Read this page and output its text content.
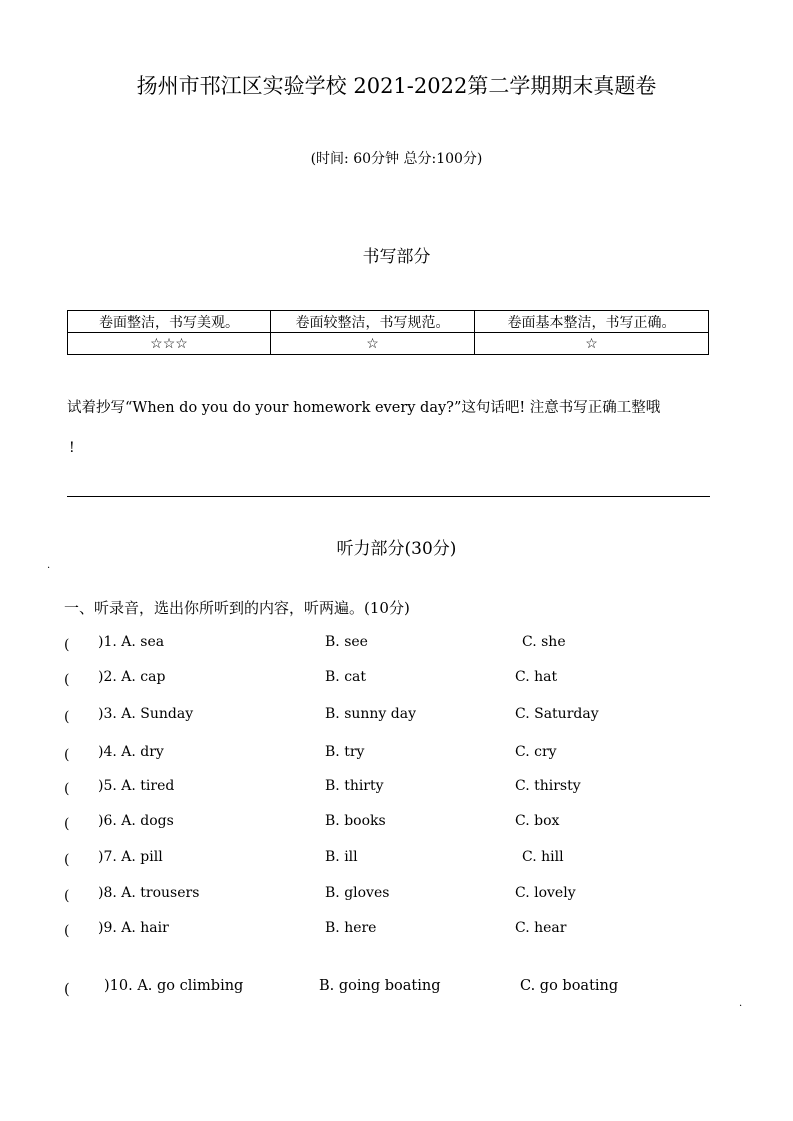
扬州市邗江区实验学校 2021-2022第二学期期末真题卷
(时间: 60分钟 总分:100分)
书写部分
卷面整洁，书写美观。	卷面较整洁，书写规范。	卷面基本整洁，书写正确。
☆☆☆	☆	☆
试着抄写“When do you do your homework every day?”这句话吧! 注意书写正确工整哦
!
听力部分(30分)
.
一、听录音，选出你所听到的内容，听两遍。(10分)
(　　 )1. A. sea	B. see	C. she
(　　 )2. A. cap	B. cat	C. hat
(　　 )3. A. Sunday	B. sunny day	C. Saturday
(　　 )4. A. dry	B. try	C. cry
(　　 )5. A. tired	B. thirty	C. thirsty
(　　 )6. A. dogs	B. books	C. box
(　　 )7. A. pill	B. ill	C. hill
(　　 )8. A. trousers	B. gloves	C. lovely
(　　 )9. A. hair	B. here	C. hear
(　　 )10. A. go climbing	B. going boating	C. go boating
.
